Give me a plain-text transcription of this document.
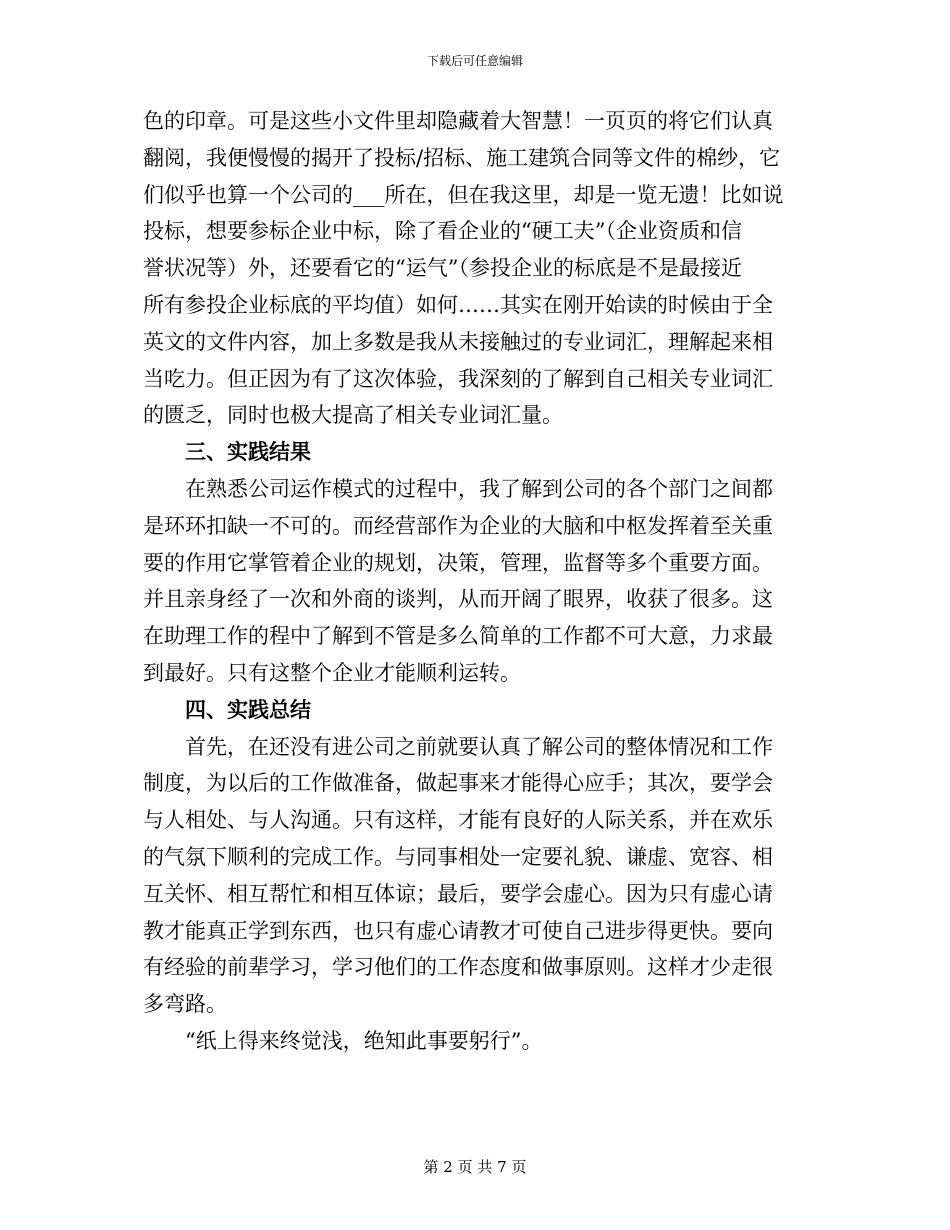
下载后可任意编辑
色的印章。可是这些小文件里却隐藏着大智慧！一页页的将它们认真
翻阅，我便慢慢的揭开了投标/招标、施工建筑合同等文件的棉纱，它
们似乎也算一个公司的___所在，但在我这里，却是一览无遗！比如说
投标，想要参标企业中标，除了看企业的“硬工夫”（企业资质和信
誉状况等）外，还要看它的“运气”（参投企业的标底是不是最接近
所有参投企业标底的平均值）如何……其实在刚开始读的时候由于全
英文的文件内容，加上多数是我从未接触过的专业词汇，理解起来相
当吃力。但正因为有了这次体验，我深刻的了解到自己相关专业词汇
的匮乏，同时也极大提高了相关专业词汇量。
三、实践结果
在熟悉公司运作模式的过程中，我了解到公司的各个部门之间都
是环环扣缺一不可的。而经营部作为企业的大脑和中枢发挥着至关重
要的作用它掌管着企业的规划，决策，管理，监督等多个重要方面。
并且亲身经了一次和外商的谈判，从而开阔了眼界，收获了很多。这
在助理工作的程中了解到不管是多么简单的工作都不可大意，力求最
到最好。只有这整个企业才能顺利运转。
四、实践总结
首先，在还没有进公司之前就要认真了解公司的整体情况和工作
制度，为以后的工作做准备，做起事来才能得心应手；其次，要学会
与人相处、与人沟通。只有这样，才能有良好的人际关系，并在欢乐
的气氛下顺利的完成工作。与同事相处一定要礼貌、谦虚、宽容、相
互关怀、相互帮忙和相互体谅；最后，要学会虚心。因为只有虚心请
教才能真正学到东西，也只有虚心请教才可使自己进步得更快。要向
有经验的前辈学习，学习他们的工作态度和做事原则。这样才少走很
多弯路。
“纸上得来终觉浅，绝知此事要躬行”。
第 2 页 共 7 页
